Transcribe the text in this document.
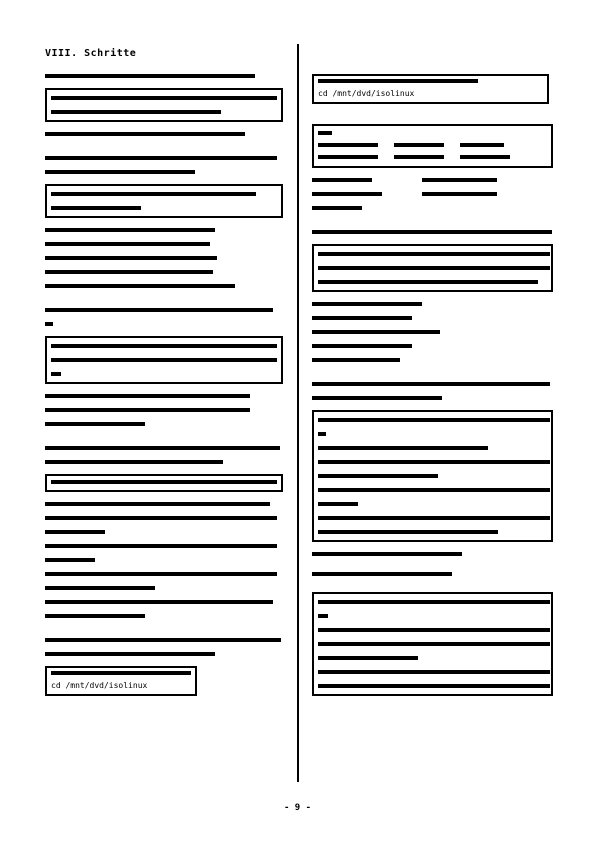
VIII. Schritte
cd /mnt/dvd/isolinux
cd /mnt/dvd/isolinux
- 9 -
